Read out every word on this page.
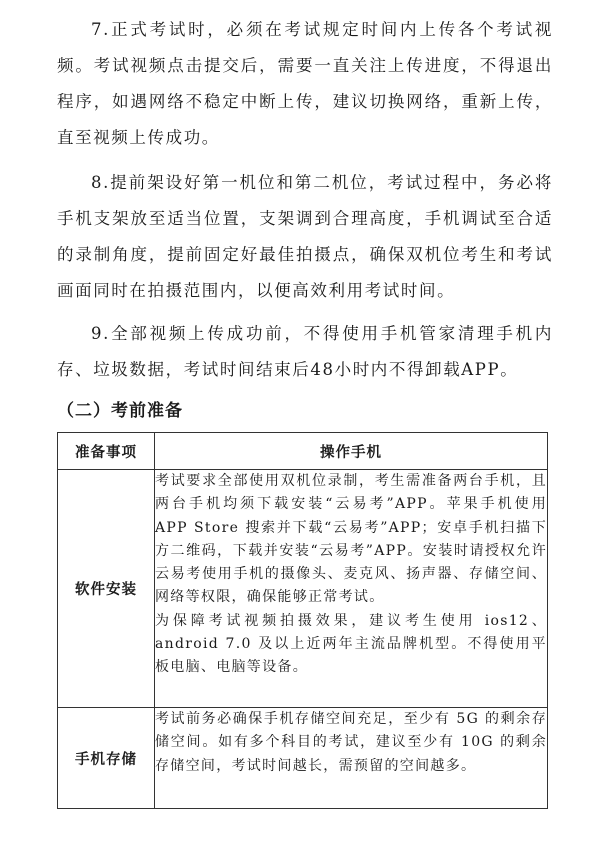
7.正式考试时，必须在考试规定时间内上传各个考试视频。考试视频点击提交后，需要一直关注上传进度，不得退出程序，如遇网络不稳定中断上传，建议切换网络，重新上传，直至视频上传成功。

8.提前架设好第一机位和第二机位，考试过程中，务必将手机支架放至适当位置，支架调到合理高度，手机调试至合适的录制角度，提前固定好最佳拍摄点，确保双机位考生和考试画面同时在拍摄范围内，以便高效利用考试时间。

9.全部视频上传成功前，不得使用手机管家清理手机内存、垃圾数据，考试时间结束后48小时内不得卸载APP。

（二）考前准备
准备事项	操作手机
软件安装	考试要求全部使用双机位录制，考生需准备两台手机，且两台手机均须下载安装“云易考”APP。苹果手机使用 APP Store 搜索并下载“云易考”APP；安卓手机扫描下方二维码，下载并安装“云易考”APP。安装时请授权允许云易考使用手机的摄像头、麦克风、扬声器、存储空间、网络等权限，确保能够正常考试。

为保障考试视频拍摄效果，建议考生使用 ios12、android 7.0 及以上近两年主流品牌机型。不得使用平板电脑、电脑等设备。

手机存储	考试前务必确保手机存储空间充足，至少有 5G 的剩余存储空间。如有多个科目的考试，建议至少有 10G 的剩余存储空间，考试时间越长，需预留的空间越多。
